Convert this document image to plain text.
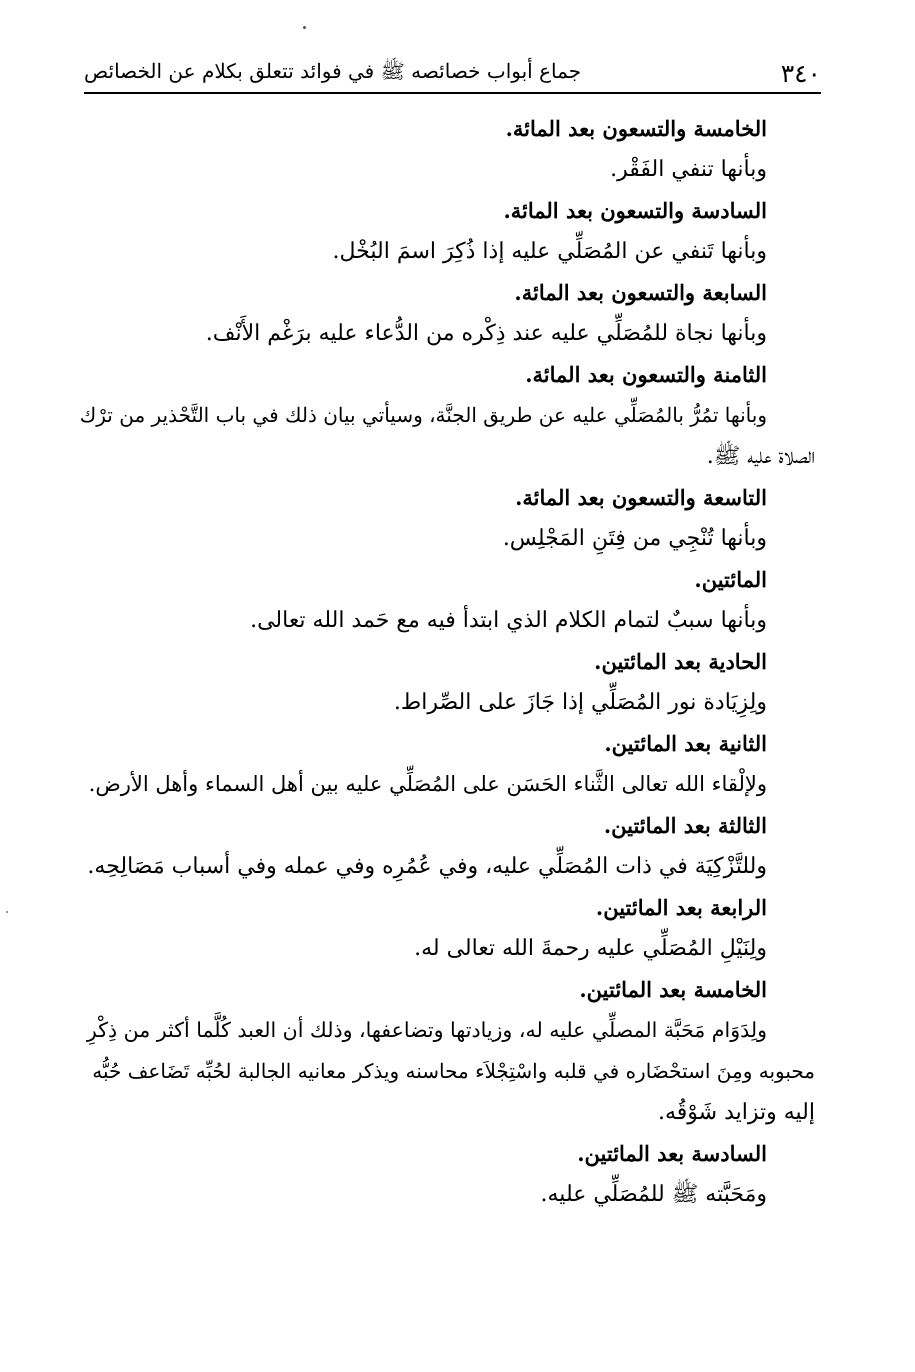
٣٤٠
جماع أبواب خصائصه ﷺ في فوائد تتعلق بكلام عن الخصائص
الخامسة والتسعون بعد المائة.
وبأنها تنفي الفَقْر.
السادسة والتسعون بعد المائة.
وبأنها تَنفي عن المُصَلِّي عليه إذا ذُكِرَ اسمَ البُخْل.
السابعة والتسعون بعد المائة.
وبأنها نجاة للمُصَلِّي عليه عند ذِكْره من الدُّعاء عليه برَغْم الأَنْف.
الثامنة والتسعون بعد المائة.
وبأنها تمُرُّ بالمُصَلِّي عليه عن طريق الجنَّة، وسيأتي بيان ذلك في باب التَّحْذير من ترْك
الصلاة عليه ﷺ.
التاسعة والتسعون بعد المائة.
وبأنها تُنْجِي من فِتَنِ المَجْلِس.
المائتين.
وبأنها سببٌ لتمام الكلام الذي ابتدأ فيه مع حَمد الله تعالى.
الحادية بعد المائتين.
ولِزِيَادة نور المُصَلِّي إذا جَازَ على الصِّراط.
الثانية بعد المائتين.
ولإلْقاء الله تعالى الثَّناء الحَسَن على المُصَلِّي عليه بين أهل السماء وأهل الأرض.
الثالثة بعد المائتين.
وللتَّزْكِيَة في ذات المُصَلِّي عليه، وفي عُمُرِه وفي عمله وفي أسباب مَصَالِحِه.
الرابعة بعد المائتين.
ولِنَيْلِ المُصَلِّي عليه رحمةَ الله تعالى له.
الخامسة بعد المائتين.
ولِدَوَام مَحَبَّة المصلِّي عليه له، وزيادتها وتضاعفها، وذلك أن العبد كُلَّما أكثر من ذِكْرِ
محبوبه ومِنَ استحْضَاره في قلبه واسْتِجْلاَء محاسنه ويذكر معانيه الجالبة لحُبِّه تَضَاعف حُبُّه
إليه وتزايد شَوْقُه.
السادسة بعد المائتين.
ومَحَبَّته ﷺ للمُصَلِّي عليه.
